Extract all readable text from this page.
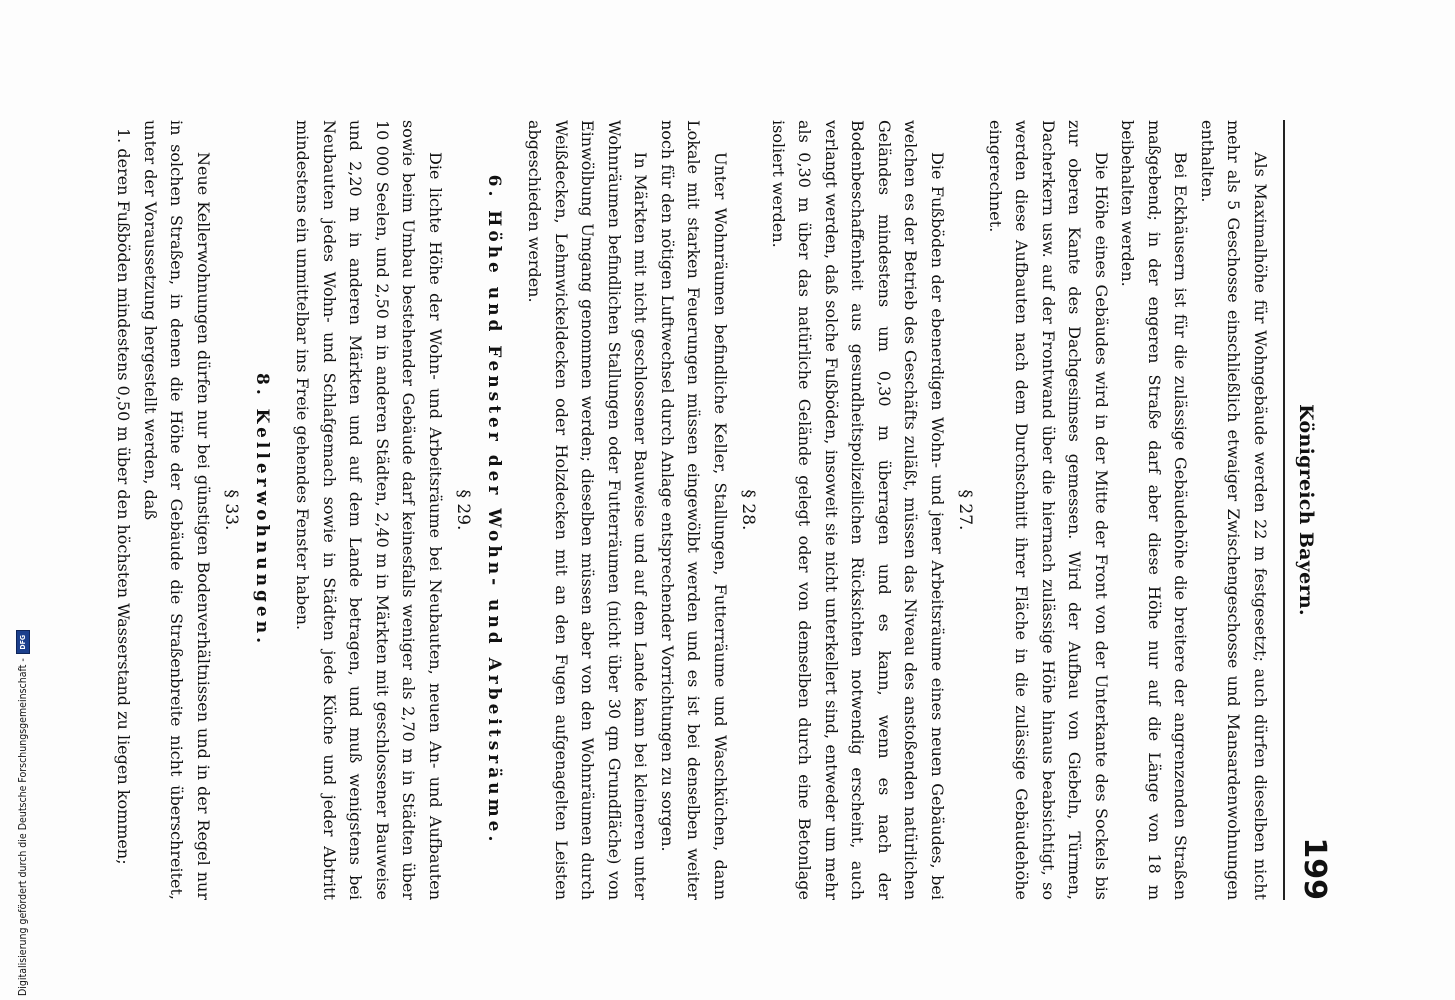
Königreich Bayern.
199

Als Maximalhöhe für Wohngebäude werden 22 m festgesetzt; auch dürfen dieselben nicht mehr als 5 Geschosse einschließlich etwaiger Zwischengeschosse und Mansardenwohnungen enthalten.

Bei Eckhäusern ist für die zulässige Gebäudehöhe die breitere der angrenzenden Straßen maßgebend; in der engeren Straße darf aber diese Höhe nur auf die Länge von 18 m beibehalten werden.

Die Höhe eines Gebäudes wird in der Mitte der Front von der Unterkante des Sockels bis zur oberen Kante des Dachgesimses gemessen. Wird der Aufbau von Giebeln, Türmen, Dacherkern usw. auf der Frontwand über die hiernach zulässige Höhe hinaus beabsichtigt, so werden diese Aufbauten nach dem Durchschnitt ihrer Fläche in die zulässige Gebäudehöhe eingerechnet.

§ 27.

Die Fußböden der ebenerdigen Wohn- und jener Arbeitsräume eines neuen Gebäudes, bei welchen es der Betrieb des Geschäfts zuläßt, müssen das Niveau des anstoßenden natürlichen Geländes mindestens um 0,30 m überragen und es kann, wenn es nach der Bodenbeschaffenheit aus gesundheitspolizeilichen Rücksichten notwendig erscheint, auch verlangt werden, daß solche Fußböden, insoweit sie nicht unterkellert sind, entweder um mehr als 0,30 m über das natürliche Gelände gelegt oder von demselben durch eine Betonlage isoliert werden.

§ 28.

Unter Wohnräumen befindliche Keller, Stallungen, Futterräume und Waschküchen, dann Lokale mit starken Feuerungen müssen eingewölbt werden und es ist bei denselben weiter noch für den nötigen Luftwechsel durch Anlage entsprechender Vorrichtungen zu sorgen.

In Märkten mit nicht geschlossener Bauweise und auf dem Lande kann bei kleineren unter Wohnräumen befindlichen Stallungen oder Futterräumen (nicht über 30 qm Grundfläche) von Einwölbung Umgang genommen werden; dieselben müssen aber von den Wohnräumen durch Weißdecken, Lehmwickeldecken oder Holzdecken mit an den Fugen aufgenagelten Leisten abgeschieden werden.

6. Höhe und Fenster der Wohn- und Arbeitsräume.
§ 29.

Die lichte Höhe der Wohn- und Arbeitsräume bei Neubauten, neuen An- und Aufbauten sowie beim Umbau bestehender Gebäude darf keinesfalls weniger als 2,70 m in Städten über 10 000 Seelen, und 2,50 m in anderen Städten, 2,40 m in Märkten mit geschlossener Bauweise und 2,20 m in anderen Märkten und auf dem Lande betragen, und muß wenigstens bei Neubauten jedes Wohn- und Schlafgemach sowie in Städten jede Küche und jeder Abtritt mindestens ein unmittelbar ins Freie gehendes Fenster haben.

8. Kellerwohnungen.
§ 33.

Neue Kellerwohnungen dürfen nur bei günstigen Bodenverhältnissen und in der Regel nur in solchen Straßen, in denen die Höhe der Gebäude die Straßenbreite nicht überschreitet, unter der Voraussetzung hergestellt werden, daß

1. deren Fußböden mindestens 0,50 m über den höchsten Wasserstand zu liegen kommen;

Digitalisierung gefördert durch die Deutsche Forschungsgemeinschaft -
DFG
